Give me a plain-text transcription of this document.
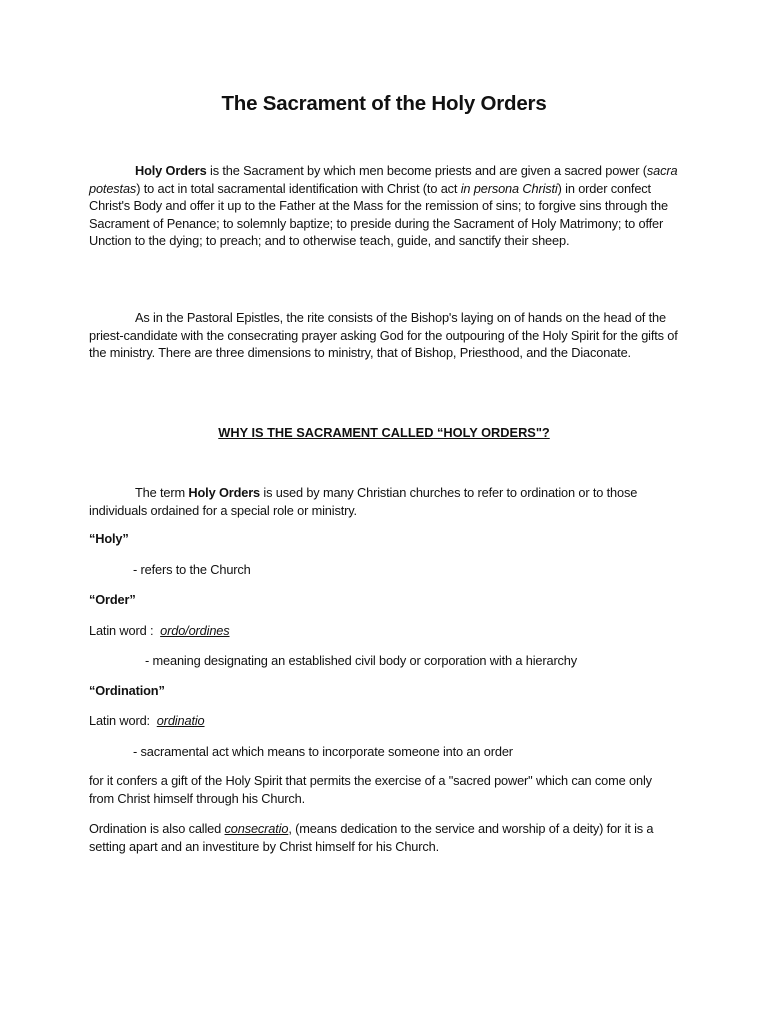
The Sacrament of the Holy Orders
Holy Orders is the Sacrament by which men become priests and are given a sacred power (sacra potestas) to act in total sacramental identification with Christ (to act in persona Christi) in order confect Christ's Body and offer it up to the Father at the Mass for the remission of sins; to forgive sins through the Sacrament of Penance; to solemnly baptize; to preside during the Sacrament of Holy Matrimony; to offer Unction to the dying; to preach; and to otherwise teach, guide, and sanctify their sheep.
As in the Pastoral Epistles, the rite consists of the Bishop's laying on of hands on the head of the priest-candidate with the consecrating prayer asking God for the outpouring of the Holy Spirit for the gifts of the ministry. There are three dimensions to ministry, that of Bishop, Priesthood, and the Diaconate.
WHY IS THE SACRAMENT CALLED “HOLY ORDERS"?
The term Holy Orders is used by many Christian churches to refer to ordination or to those individuals ordained for a special role or ministry.
“Holy”
- refers to the Church
“Order”
Latin word :  ordo/ordines
- meaning designating an established civil body or corporation with a hierarchy
“Ordination”
Latin word:  ordinatio
- sacramental act which means to incorporate someone into an order
for it confers a gift of the Holy Spirit that permits the exercise of a "sacred power" which can come only from Christ himself through his Church.
Ordination is also called consecratio, (means dedication to the service and worship of a deity) for it is a setting apart and an investiture by Christ himself for his Church.
